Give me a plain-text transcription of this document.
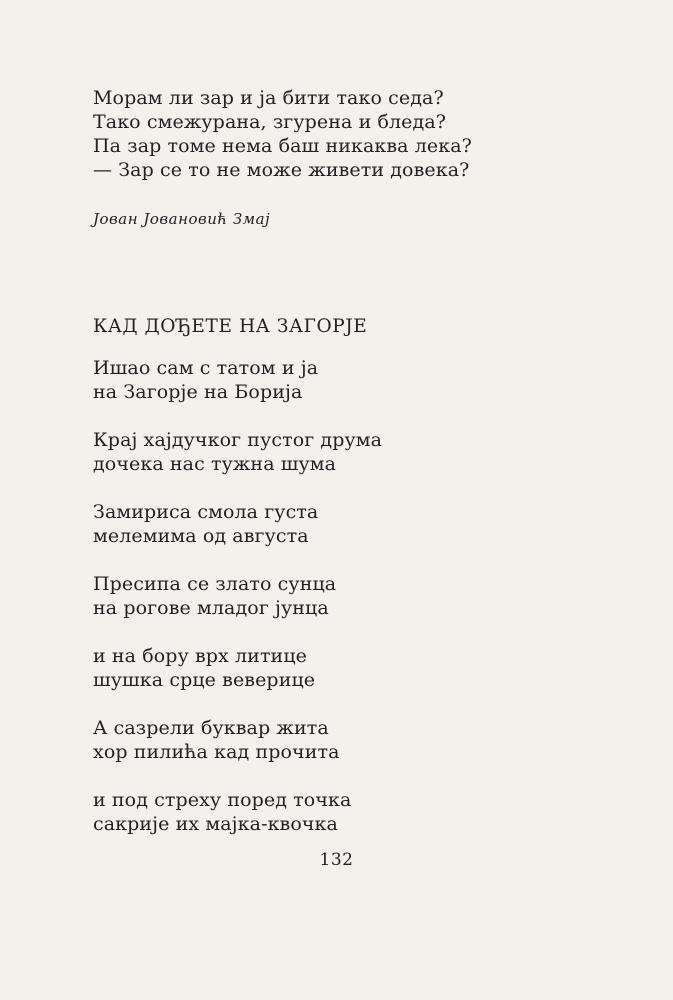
Морам ли зар и ја бити тако седа?
Тако смежурана, згурена и бледа?
Па зар томе нема баш никаква лека?
— Зар се то не може живети довека?
Јован Јовановић Змај
КАД ДОЂЕТЕ НА ЗАГОРЈЕ
Ишао сам с татом и ја
на Загорје на Борија
Крај хајдучког пустог друма
дочека нас тужна шума
Замириса смола густа
мелемима од августа
Пресипа се злато сунца
на рогове младог јунца
и на бору врх литице
шушка срце веверице
А сазрели буквар жита
хор пилића кад прочита
и под стреху поред точка
сакрије их мајка-квочка
132
